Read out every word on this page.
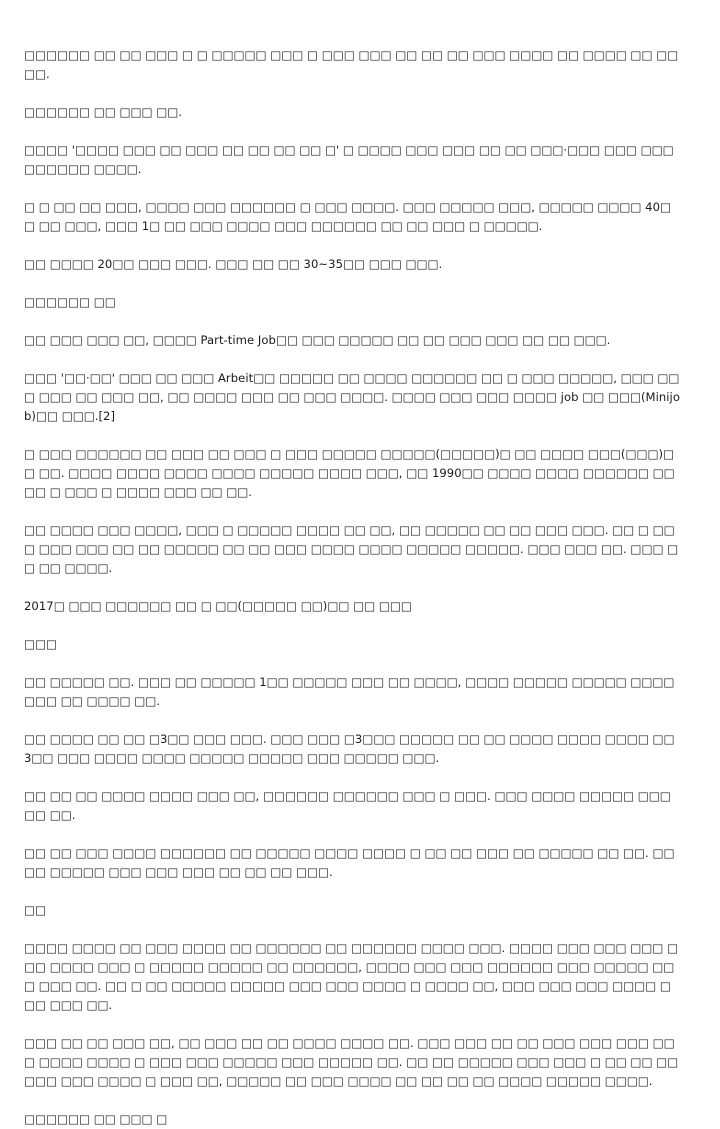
□□□□□□ □□ □□ □□□ □ □ □□□□□ □□□ □ □□□ □□□ □□ □□ □□ □□□ □□□□ □□ □□□□ □□ □□□□.

□□□□□□ □□ □□□ □□.

□□□□ '□□□□ □□□ □□ □□□ □□ □□ □□ □□ □' □ □□□□ □□□ □□□ □□ □□ □□□·□□□ □□□ □□□ □□□□□□ □□□□.

□ □ □□ □□ □□□, □□□□ □□□ □□□□□□ □ □□□ □□□□. □□□ □□□□□ □□□, □□□□□ □□□□ 40□□ □□ □□□, □□□ 1□ □□ □□□ □□□□ □□□ □□□□□□ □□ □□ □□□ □ □□□□□.

□□ □□□□ 20□□ □□□ □□□. □□□ □□ □□ 30~35□□ □□□ □□□.

□□□□□□ □□

□□ □□□ □□□ □□, □□□□ Part-time Job□□ □□□ □□□□□ □□ □□ □□□ □□□ □□ □□ □□□.

□□□ '□□·□□' □□□ □□ □□□ Arbeit□□ □□□□□ □□ □□□□ □□□□□□ □□ □ □□□ □□□□□, □□□ □□□ □□□ □□ □□□ □□, □□ □□□□ □□□ □□ □□□ □□□□. □□□□ □□□ □□□ □□□□ job □□ □□□(Minijob)□□ □□□.[2]

□ □□□ □□□□□□ □□ □□□ □□ □□□ □ □□□ □□□□□ □□□□□(□□□□□)□ □□ □□□□ □□□(□□□)□□ □□. □□□□ □□□□ □□□□ □□□□ □□□□□ □□□□ □□□, □□ 1990□□ □□□□ □□□□ □□□□□□ □□□□ □ □□□ □ □□□□ □□□ □□ □□.

□□ □□□□ □□□ □□□□, □□□ □ □□□□□ □□□□ □□ □□, □□ □□□□□ □□ □□ □□□ □□□. □□ □ □□□ □□□ □□□ □□ □□ □□□□□ □□ □□ □□□ □□□□ □□□□ □□□□□ □□□□□. □□□ □□□ □□. □□□ □□ □□ □□□□.

2017□ □□□ □□□□□□ □□ □ □□(□□□□□ □□)□□ □□ □□□

□□□

□□ □□□□□ □□. □□□ □□ □□□□□ 1□□ □□□□□ □□□ □□ □□□□, □□□□ □□□□□ □□□□□ □□□□ □□□ □□ □□□□ □□.

□□ □□□□ □□ □□ □3□□ □□□ □□□. □□□ □□□ □3□□□ □□□□□ □□ □□ □□□□ □□□□ □□□□ □□ 3□□ □□□ □□□□ □□□□ □□□□□ □□□□□ □□□ □□□□□ □□□.

□□ □□ □□ □□□□ □□□□ □□□ □□, □□□□□□ □□□□□□ □□□ □ □□□. □□□ □□□□ □□□□□ □□□ □□ □□.

□□ □□ □□□ □□□□ □□□□□□ □□ □□□□□ □□□□ □□□□ □ □□ □□ □□□ □□ □□□□□ □□ □□. □□ □□ □□□□□ □□□ □□□ □□□ □□ □□ □□ □□□.

□□

□□□□ □□□□ □□ □□□ □□□□ □□ □□□□□□ □□ □□□□□□ □□□□ □□□. □□□□ □□□ □□□ □□□ □□□ □□□□ □□□ □ □□□□□ □□□□□ □□ □□□□□□, □□□□ □□□ □□□ □□□□□□ □□□ □□□□□ □□□ □□□ □□. □□ □ □□ □□□□□ □□□□□ □□□ □□□ □□□□ □ □□□□ □□, □□□ □□□ □□□ □□□□ □□□ □□□ □□.

□□□ □□ □□ □□□ □□, □□ □□□ □□ □□ □□□□ □□□□ □□. □□□ □□□ □□ □□ □□□ □□□ □□□ □□□ □□□□ □□□□ □ □□□ □□□ □□□□□ □□□ □□□□□ □□. □□ □□ □□□□□ □□□ □□□ □ □□ □□ □□ □□□ □□□ □□□□ □ □□□ □□, □□□□□ □□ □□□ □□□□ □□ □□ □□ □□ □□□□ □□□□□ □□□□.

□□□□□□ □□ □□□ □
